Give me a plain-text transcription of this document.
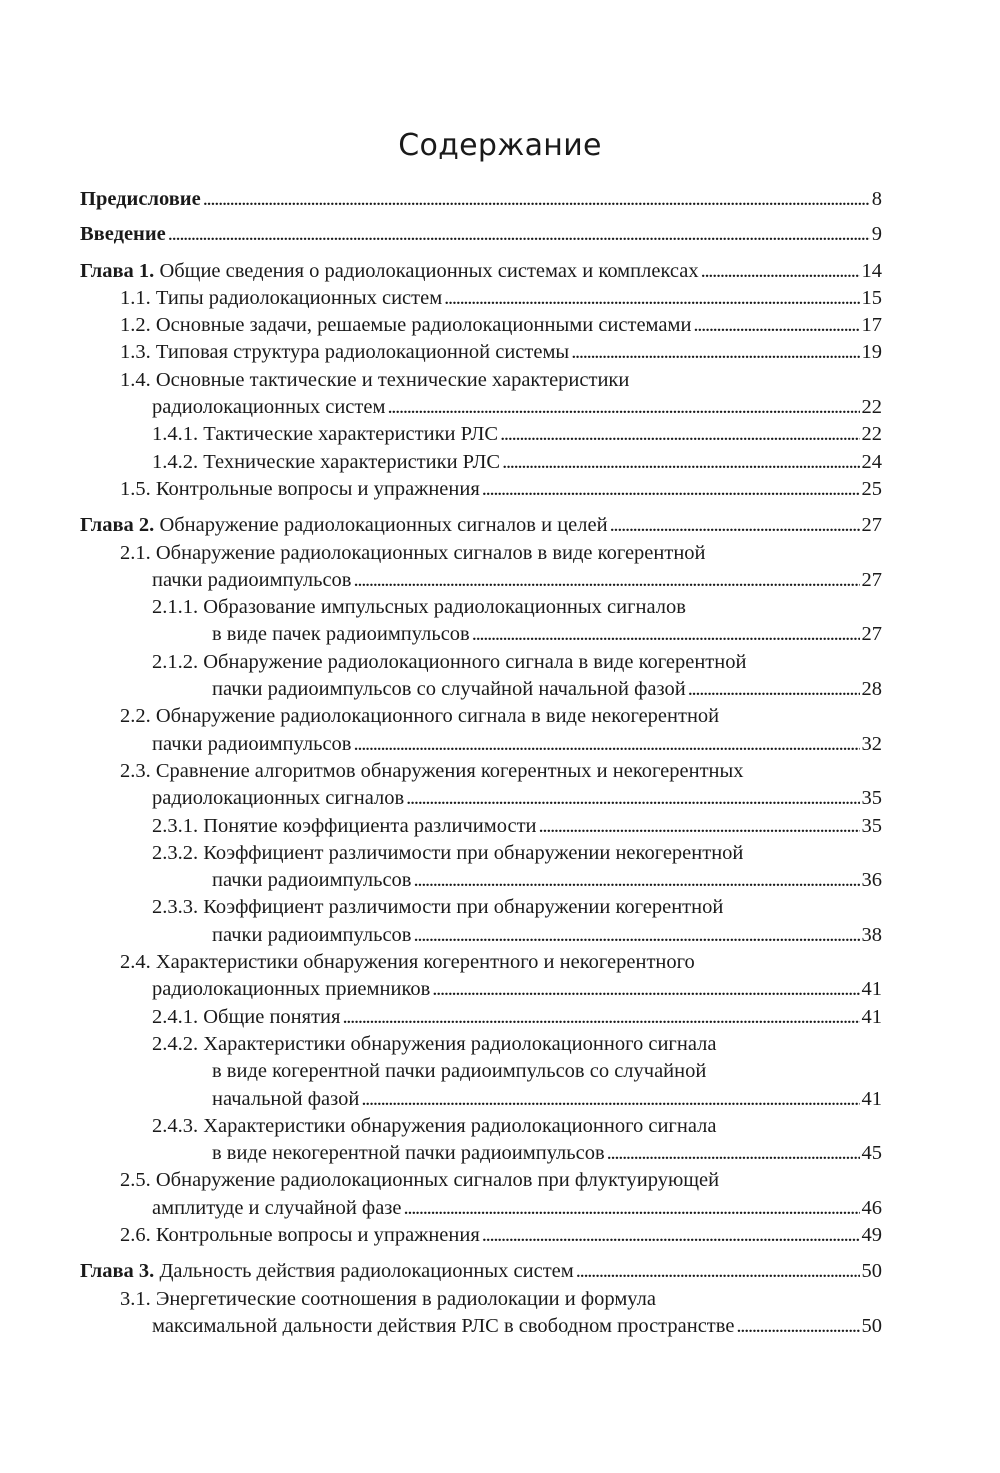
Содержание
Предисловие . . .	8
Введение . . .	9
Глава 1. Общие сведения о радиолокационных системах и комплексах . . .	14
1.1. Типы радиолокационных систем . . .	15
1.2. Основные задачи, решаемые радиолокационными системами . . .	17
1.3. Типовая структура радиолокационной системы . . .	19
1.4. Основные тактические и технические характеристики
радиолокационных систем . . .	22
1.4.1. Тактические характеристики РЛС . . .	22
1.4.2. Технические характеристики РЛС . . .	24
1.5. Контрольные вопросы и упражнения . . .	25
Глава 2. Обнаружение радиолокационных сигналов и целей . . .	27
2.1. Обнаружение радиолокационных сигналов в виде когерентной
пачки радиоимпульсов . . .	27
2.1.1. Образование импульсных радиолокационных сигналов
в виде пачек радиоимпульсов . . .	27
2.1.2. Обнаружение радиолокационного сигнала в виде когерентной
пачки радиоимпульсов со случайной начальной фазой . . .	28
2.2. Обнаружение радиолокационного сигнала в виде некогерентной
пачки радиоимпульсов . . .	32
2.3. Сравнение алгоритмов обнаружения когерентных и некогерентных
радиолокационных сигналов . . .	35
2.3.1. Понятие коэффициента различимости . . .	35
2.3.2. Коэффициент различимости при обнаружении некогерентной
пачки радиоимпульсов . . .	36
2.3.3. Коэффициент различимости при обнаружении когерентной
пачки радиоимпульсов . . .	38
2.4. Характеристики обнаружения когерентного и некогерентного
радиолокационных приемников . . .	41
2.4.1. Общие понятия . . .	41
2.4.2. Характеристики обнаружения радиолокационного сигнала
в виде когерентной пачки радиоимпульсов со случайной
начальной фазой . . .	41
2.4.3. Характеристики обнаружения радиолокационного сигнала
в виде некогерентной пачки радиоимпульсов . . .	45
2.5. Обнаружение радиолокационных сигналов при флуктуирующей
амплитуде и случайной фазе . . .	46
2.6. Контрольные вопросы и упражнения . . .	49
Глава 3. Дальность действия радиолокационных систем . . .	50
3.1. Энергетические соотношения в радиолокации и формула
максимальной дальности действия РЛС в свободном пространстве . . .	50
